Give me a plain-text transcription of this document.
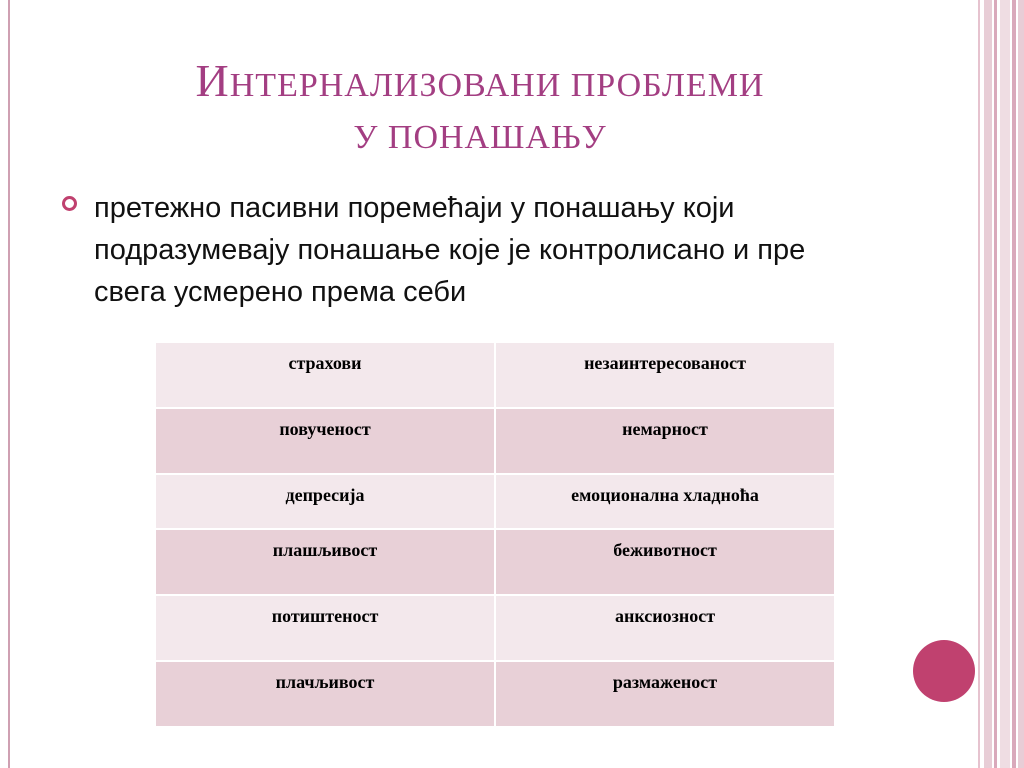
ИНТЕРНАЛИЗОВАНИ ПРОБЛЕМИ
У ПОНАШАЊУ
претежно пасивни поремећаји у понашању који подразумевају понашање које је контролисано и пре свега усмерено према себи
страхови	незаинтересованост
повученост	немарност
депресија	емоционална хладноћа
плашљивост	беживотност
потиштеност	анксиозност
плачљивост	размаженост
